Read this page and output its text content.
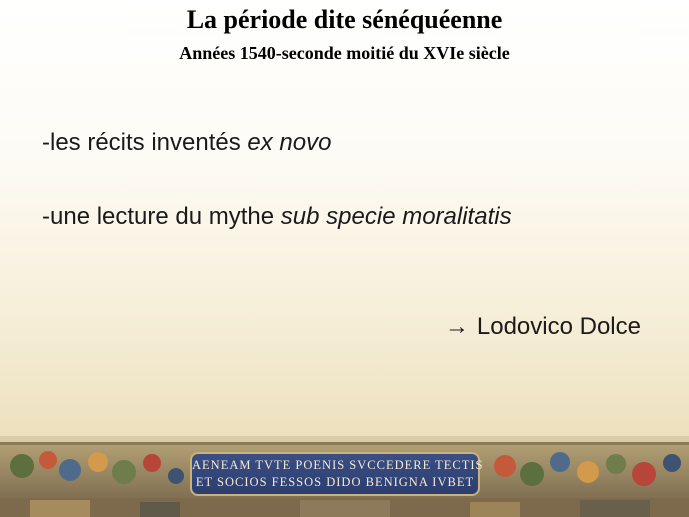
La période dite sénéquéenne
Années 1540-seconde moitié du XVIe siècle
-les récits inventés ex novo
-une lecture du mythe sub specie moralitatis
→ Lodovico Dolce
AENEAM TVTE POENIS SVCCEDERE TECTIS
ET SOCIOS FESSOS DIDO BENIGNA IVBET
